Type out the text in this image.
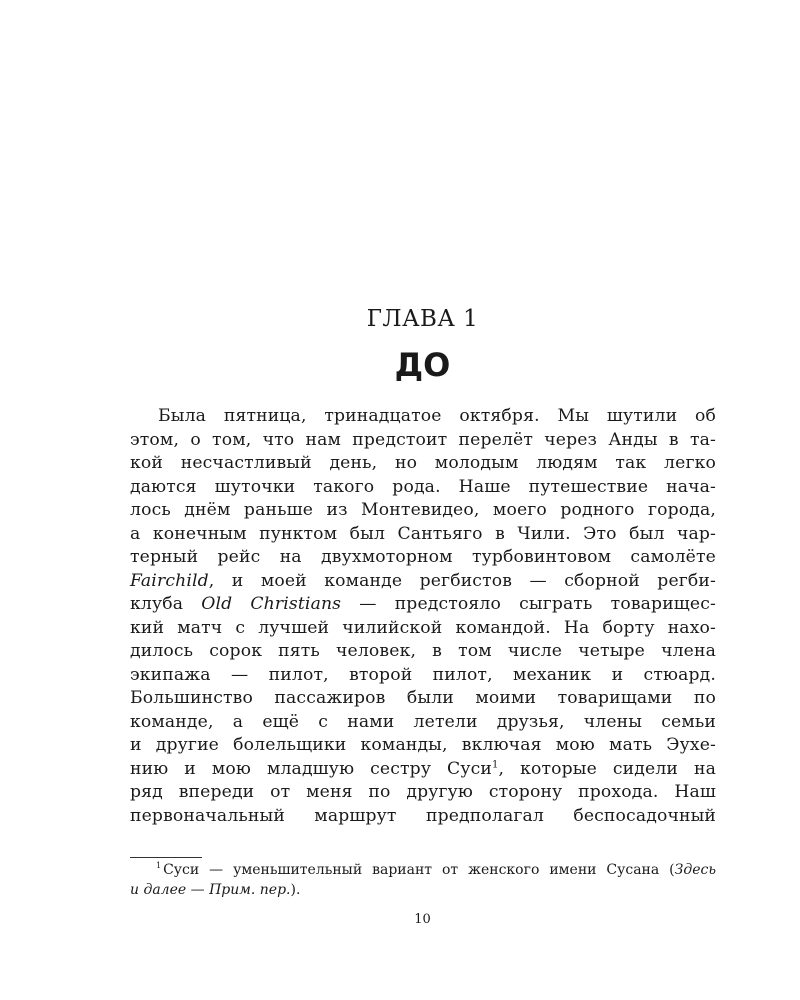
ГЛАВА 1
ДО
Была пятница, тринадцатое октября. Мы шутили об
этом, о том, что нам предстоит перелёт через Анды в та-
кой несчастливый день, но молодым людям так легко
даются шуточки такого рода. Наше путешествие нача-
лось днём раньше из Монтевидео, моего родного города,
а конечным пунктом был Сантьяго в Чили. Это был чар-
терный рейс на двухмоторном турбовинтовом самолёте
Fairchild, и моей команде регбистов — сборной регби-
клуба Old Christians — предстояло сыграть товарищес-
кий матч с лучшей чилийской командой. На борту нахо-
дилось сорок пять человек, в том числе четыре члена
экипажа — пилот, второй пилот, механик и стюард.
Большинство пассажиров были моими товарищами по
команде, а ещё с нами летели друзья, члены семьи
и другие болельщики команды, включая мою мать Эухе-
нию и мою младшую сестру Суси$^1$, которые сидели на
ряд впереди от меня по другую сторону прохода. Наш
первоначальный маршрут предполагал беспосадочный
$^1$ Суси — уменьшительный вариант от женского имени Сусана (Здесь
и далее — Прим. пер.).
10
